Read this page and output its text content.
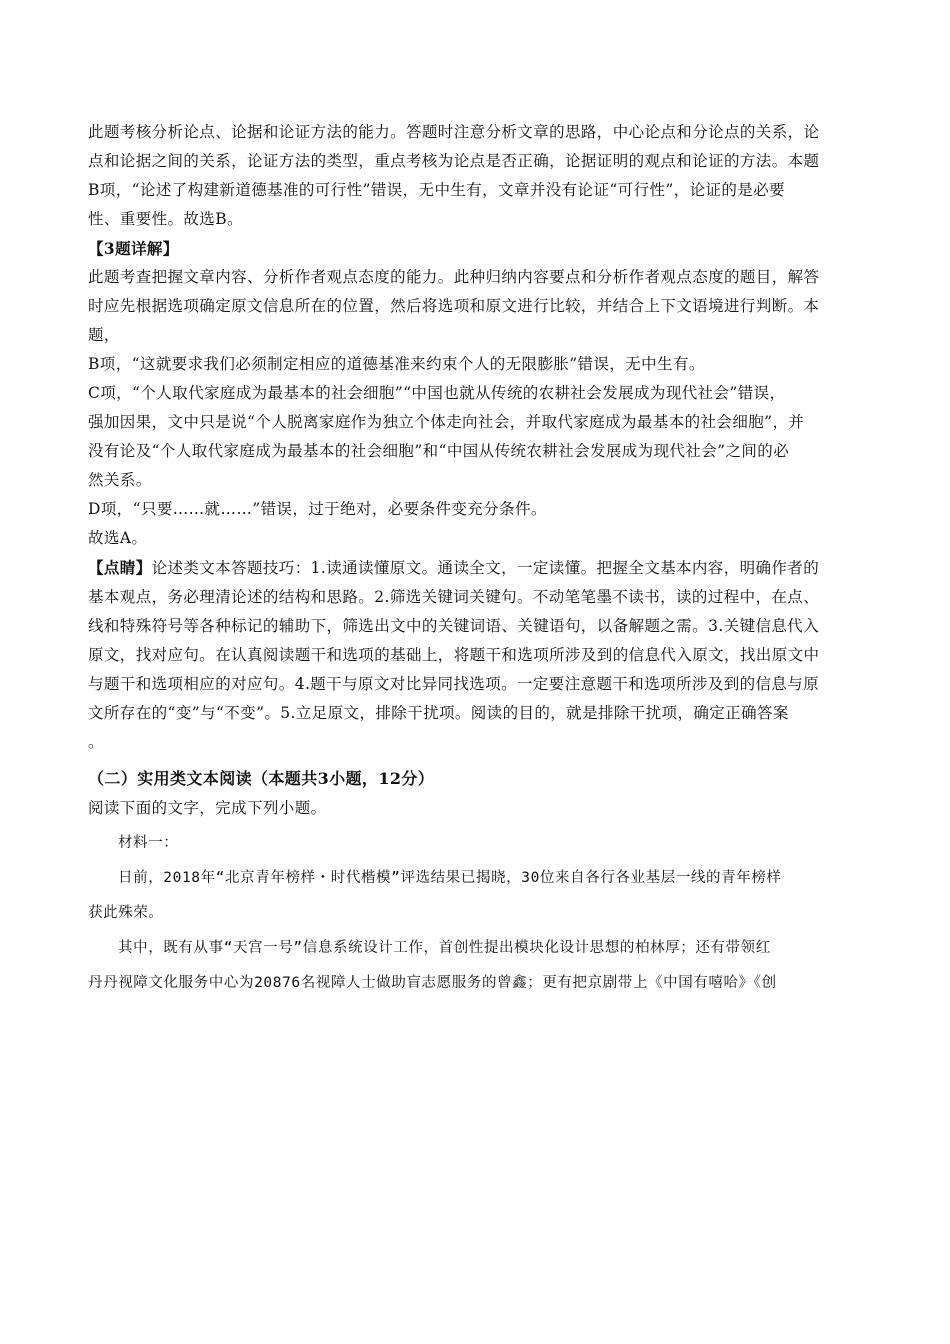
此题考核分析论点、论据和论证方法的能力。答题时注意分析文章的思路，中心论点和分论点的关系，论
点和论据之间的关系，论证方法的类型，重点考核为论点是否正确，论据证明的观点和论证的方法。本题
B项，“论述了构建新道德基准的可行性”错误，无中生有，文章并没有论证“可行性”，论证的是必要
性、重要性。故选B。

【3题详解】

此题考查把握文章内容、分析作者观点态度的能力。此种归纳内容要点和分析作者观点态度的题目，解答
时应先根据选项确定原文信息所在的位置，然后将选项和原文进行比较，并结合上下文语境进行判断。本
题，

B项，“这就要求我们必须制定相应的道德基准来约束个人的无限膨胀”错误，无中生有。

C项，“个人取代家庭成为最基本的社会细胞”“中国也就从传统的农耕社会发展成为现代社会”错误，
强加因果，文中只是说“个人脱离家庭作为独立个体走向社会，并取代家庭成为最基本的社会细胞”，并
没有论及“个人取代家庭成为最基本的社会细胞”和“中国从传统农耕社会发展成为现代社会”之间的必
然关系。

D项，“只要……就……”错误，过于绝对，必要条件变充分条件。

故选A。

【点睛】论述类文本答题技巧：1.读通读懂原文。通读全文，一定读懂。把握全文基本内容，明确作者的
基本观点，务必理清论述的结构和思路。2.筛选关键词关键句。不动笔笔墨不读书，读的过程中，在点、
线和特殊符号等各种标记的辅助下，筛选出文中的关键词语、关键语句，以备解题之需。3.关键信息代入
原文，找对应句。在认真阅读题干和选项的基础上，将题干和选项所涉及到的信息代入原文，找出原文中
与题干和选项相应的对应句。4.题干与原文对比异同找选项。一定要注意题干和选项所涉及到的信息与原
文所存在的“变”与“不变”。5.立足原文，排除干扰项。阅读的目的，就是排除干扰项，确定正确答案
。

（二）实用类文本阅读（本题共3小题，12分）

阅读下面的文字，完成下列小题。

材料一：

日前，2018年“北京青年榜样・时代楷模”评选结果已揭晓，30位来自各行各业基层一线的青年榜样
获此殊荣。

其中，既有从事“天宫一号”信息系统设计工作，首创性提出模块化设计思想的柏林厚；还有带领红
丹丹视障文化服务中心为20876名视障人士做助盲志愿服务的曾鑫；更有把京剧带上《中国有嘻哈》《创
